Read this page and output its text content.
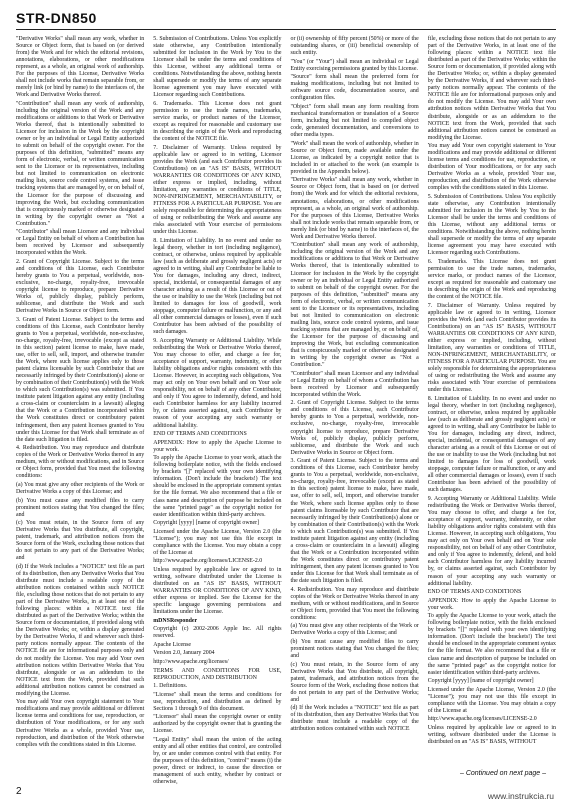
STR-DN850

"Derivative Works" shall mean any work, whether in Source or Object form, that is based on (or derived from) the Work and for which the editorial revisions, annotations, elaborations, or other modifications represent, as a whole, an original work of authorship. For the purposes of this License, Derivative Works shall not include works that remain separable from, or merely link (or bind by name) to the interfaces of, the Work and Derivative Works thereof.

"Contribution" shall mean any work of authorship, including the original version of the Work and any modifications or additions to that Work or Derivative Works thereof, that is intentionally submitted to Licensor for inclusion in the Work by the copyright owner or by an individual or Legal Entity authorized to submit on behalf of the copyright owner. For the purposes of this definition, "submitted" means any form of electronic, verbal, or written communication sent to the Licensor or its representatives, including but not limited to communication on electronic mailing lists, source code control systems, and issue tracking systems that are managed by, or on behalf of, the Licensor for the purpose of discussing and improving the Work, but excluding communication that is conspicuously marked or otherwise designated in writing by the copyright owner as "Not a Contribution."

"Contributor" shall mean Licensor and any individual or Legal Entity on behalf of whom a Contribution has been received by Licensor and subsequently incorporated within the Work.

2. Grant of Copyright License. Subject to the terms and conditions of this License, each Contributor hereby grants to You a perpetual, worldwide, non-exclusive, no-charge, royalty-free, irrevocable copyright license to reproduce, prepare Derivative Works of, publicly display, publicly perform, sublicense, and distribute the Work and such Derivative Works in Source or Object form.

3. Grant of Patent License. Subject to the terms and conditions of this License, each Contributor hereby grants to You a perpetual, worldwide, non-exclusive, no-charge, royalty-free, irrevocable (except as stated in this section) patent license to make, have made, use, offer to sell, sell, import, and otherwise transfer the Work, where such license applies only to those patent claims licensable by such Contributor that are necessarily infringed by their Contribution(s) alone or by combination of their Contribution(s) with the Work to which such Contribution(s) was submitted. If You institute patent litigation against any entity (including a cross-claim or counterclaim in a lawsuit) alleging that the Work or a Contribution incorporated within the Work constitutes direct or contributory patent infringement, then any patent licenses granted to You under this License for that Work shall terminate as of the date such litigation is filed.

4. Redistribution. You may reproduce and distribute copies of the Work or Derivative Works thereof in any medium, with or without modifications, and in Source or Object form, provided that You meet the following conditions:

(a) You must give any other recipients of the Work or Derivative Works a copy of this License; and

(b) You must cause any modified files to carry prominent notices stating that You changed the files; and

(c) You must retain, in the Source form of any Derivative Works that You distribute, all copyright, patent, trademark, and attribution notices from the Source form of the Work, excluding those notices that do not pertain to any part of the Derivative Works; and

(d) If the Work includes a "NOTICE" text file as part of its distribution, then any Derivative Works that You distribute must include a readable copy of the attribution notices contained within such NOTICE file, excluding those notices that do not pertain to any part of the Derivative Works, in at least one of the following places: within a NOTICE text file distributed as part of the Derivative Works; within the Source form or documentation, if provided along with the Derivative Works; or, within a display generated by the Derivative Works, if and wherever such third-party notices normally appear. The contents of the NOTICE file are for informational purposes only and do not modify the License. You may add Your own attribution notices within Derivative Works that You distribute, alongside or as an addendum to the NOTICE text from the Work, provided that such additional attribution notices cannot be construed as modifying the License.

You may add Your own copyright statement to Your modifications and may provide additional or different license terms and conditions for use, reproduction, or distribution of Your modifications, or for any such Derivative Works as a whole, provided Your use, reproduction, and distribution of the Work otherwise complies with the conditions stated in this License.

5. Submission of Contributions. Unless You explicitly state otherwise, any Contribution intentionally submitted for inclusion in the Work by You to the Licensor shall be under the terms and conditions of this License, without any additional terms or conditions. Notwithstanding the above, nothing herein shall supersede or modify the terms of any separate license agreement you may have executed with Licensor regarding such Contributions.

6. Trademarks. This License does not grant permission to use the trade names, trademarks, service marks, or product names of the Licensor, except as required for reasonable and customary use in describing the origin of the Work and reproducing the content of the NOTICE file.

7. Disclaimer of Warranty. Unless required by applicable law or agreed to in writing, Licensor provides the Work (and each Contributor provides its Contributions) on an "AS IS" BASIS, WITHOUT WARRANTIES OR CONDITIONS OF ANY KIND, either express or implied, including, without limitation, any warranties or conditions of TITLE, NON-INFRINGEMENT, MERCHANTABILITY, or FITNESS FOR A PARTICULAR PURPOSE. You are solely responsible for determining the appropriateness of using or redistributing the Work and assume any risks associated with Your exercise of permissions under this License.

8. Limitation of Liability. In no event and under no legal theory, whether in tort (including negligence), contract, or otherwise, unless required by applicable law (such as deliberate and grossly negligent acts) or agreed to in writing, shall any Contributor be liable to You for damages, including any direct, indirect, special, incidental, or consequential damages of any character arising as a result of this License or out of the use or inability to use the Work (including but not limited to damages for loss of goodwill, work stoppage, computer failure or malfunction, or any and all other commercial damages or losses), even if such Contributor has been advised of the possibility of such damages.

9. Accepting Warranty or Additional Liability. While redistributing the Work or Derivative Works thereof, You may choose to offer, and charge a fee for, acceptance of support, warranty, indemnity, or other liability obligations and/or rights consistent with this License. However, in accepting such obligations, You may act only on Your own behalf and on Your sole responsibility, not on behalf of any other Contributor, and only if You agree to indemnify, defend, and hold each Contributor harmless for any liability incurred by, or claims asserted against, such Contributor by reason of your accepting any such warranty or additional liability.

END OF TERMS AND CONDITIONS

APPENDIX: How to apply the Apache License to your work.

To apply the Apache License to your work, attach the following boilerplate notice, with the fields enclosed by brackets "[]" replaced with your own identifying information. (Don't include the brackets!) The text should be enclosed in the appropriate comment syntax for the file format. We also recommend that a file or class name and description of purpose be included on the same "printed page" as the copyright notice for easier identification within third-party archives.

Copyright [yyyy] [name of copyright owner]

Licensed under the Apache License, Version 2.0 (the "License"); you may not use this file except in compliance with the License. You may obtain a copy of the License at

http://www.apache.org/licenses/LICENSE-2.0

Unless required by applicable law or agreed to in writing, software distributed under the License is distributed on an "AS IS" BASIS, WITHOUT WARRANTIES OR CONDITIONS OF ANY KIND, either express or implied. See the License for the specific language governing permissions and limitations under the License.

mDNSResponder

Copyright (c) 2002-2006 Apple Inc. All rights reserved.

Apache License

Version 2.0, January 2004

http://www.apache.org/licenses/

TERMS AND CONDITIONS FOR USE, REPRODUCTION, AND DISTRIBUTION

1. Definitions.

"License" shall mean the terms and conditions for use, reproduction, and distribution as defined by Sections 1 through 9 of this document.

"Licensor" shall mean the copyright owner or entity authorized by the copyright owner that is granting the License.

"Legal Entity" shall mean the union of the acting entity and all other entities that control, are controlled by, or are under common control with that entity. For the purposes of this definition, "control" means (i) the power, direct or indirect, to cause the direction or management of such entity, whether by contract or otherwise,

or (ii) ownership of fifty percent (50%) or more of the outstanding shares, or (iii) beneficial ownership of such entity.

"You" (or "Your") shall mean an individual or Legal Entity exercising permissions granted by this License.

"Source" form shall mean the preferred form for making modifications, including but not limited to software source code, documentation source, and configuration files.

"Object" form shall mean any form resulting from mechanical transformation or translation of a Source form, including but not limited to compiled object code, generated documentation, and conversions to other media types.

"Work" shall mean the work of authorship, whether in Source or Object form, made available under the License, as indicated by a copyright notice that is included in or attached to the work (an example is provided in the Appendix below).

"Derivative Works" shall mean any work, whether in Source or Object form, that is based on (or derived from) the Work and for which the editorial revisions, annotations, elaborations, or other modifications represent, as a whole, an original work of authorship. For the purposes of this License, Derivative Works shall not include works that remain separable from, or merely link (or bind by name) to the interfaces of, the Work and Derivative Works thereof.

"Contribution" shall mean any work of authorship, including the original version of the Work and any modifications or additions to that Work or Derivative Works thereof, that is intentionally submitted to Licensor for inclusion in the Work by the copyright owner or by an individual or Legal Entity authorized to submit on behalf of the copyright owner. For the purposes of this definition, "submitted" means any form of electronic, verbal, or written communication sent to the Licensor or its representatives, including but not limited to communication on electronic mailing lists, source code control systems, and issue tracking systems that are managed by, or on behalf of, the Licensor for the purpose of discussing and improving the Work, but excluding communication that is conspicuously marked or otherwise designated in writing by the copyright owner as "Not a Contribution."

"Contributor" shall mean Licensor and any individual or Legal Entity on behalf of whom a Contribution has been received by Licensor and subsequently incorporated within the Work.

2. Grant of Copyright License. Subject to the terms and conditions of this License, each Contributor hereby grants to You a perpetual, worldwide, non-exclusive, no-charge, royalty-free, irrevocable copyright license to reproduce, prepare Derivative Works of, publicly display, publicly perform, sublicense, and distribute the Work and such Derivative Works in Source or Object form.

3. Grant of Patent License. Subject to the terms and conditions of this License, each Contributor hereby grants to You a perpetual, worldwide, non-exclusive, no-charge, royalty-free, irrevocable (except as stated in this section) patent license to make, have made, use, offer to sell, sell, import, and otherwise transfer the Work, where such license applies only to those patent claims licensable by such Contributor that are necessarily infringed by their Contribution(s) alone or by combination of their Contribution(s) with the Work to which such Contribution(s) was submitted. If You institute patent litigation against any entity (including a cross-claim or counterclaim in a lawsuit) alleging that the Work or a Contribution incorporated within the Work constitutes direct or contributory patent infringement, then any patent licenses granted to You under this License for that Work shall terminate as of the date such litigation is filed.

4. Redistribution. You may reproduce and distribute copies of the Work or Derivative Works thereof in any medium, with or without modifications, and in Source or Object form, provided that You meet the following conditions:

(a) You must give any other recipients of the Work or Derivative Works a copy of this License; and

(b) You must cause any modified files to carry prominent notices stating that You changed the files; and

(c) You must retain, in the Source form of any Derivative Works that You distribute, all copyright, patent, trademark, and attribution notices from the Source form of the Work, excluding those notices that do not pertain to any part of the Derivative Works; and

(d) If the Work includes a "NOTICE" text file as part of its distribution, then any Derivative Works that You distribute must include a readable copy of the attribution notices contained within such NOTICE

file, excluding those notices that do not pertain to any part of the Derivative Works, in at least one of the following places: within a NOTICE text file distributed as part of the Derivative Works; within the Source form or documentation, if provided along with the Derivative Works; or, within a display generated by the Derivative Works, if and wherever such third-party notices normally appear. The contents of the NOTICE file are for informational purposes only and do not modify the License. You may add Your own attribution notices within Derivative Works that You distribute, alongside or as an addendum to the NOTICE text from the Work, provided that such additional attribution notices cannot be construed as modifying the License.

You may add Your own copyright statement to Your modifications and may provide additional or different license terms and conditions for use, reproduction, or distribution of Your modifications, or for any such Derivative Works as a whole, provided Your use, reproduction, and distribution of the Work otherwise complies with the conditions stated in this License.

5. Submission of Contributions. Unless You explicitly state otherwise, any Contribution intentionally submitted for inclusion in the Work by You to the Licensor shall be under the terms and conditions of this License, without any additional terms or conditions. Notwithstanding the above, nothing herein shall supersede or modify the terms of any separate license agreement you may have executed with Licensor regarding such Contributions.

6. Trademarks. This License does not grant permission to use the trade names, trademarks, service marks, or product names of the Licensor, except as required for reasonable and customary use in describing the origin of the Work and reproducing the content of the NOTICE file.

7. Disclaimer of Warranty. Unless required by applicable law or agreed to in writing, Licensor provides the Work (and each Contributor provides its Contributions) on an "AS IS" BASIS, WITHOUT WARRANTIES OR CONDITIONS OF ANY KIND, either express or implied, including, without limitation, any warranties or conditions of TITLE, NON-INFRINGEMENT, MERCHANTABILITY, or FITNESS FOR A PARTICULAR PURPOSE. You are solely responsible for determining the appropriateness of using or redistributing the Work and assume any risks associated with Your exercise of permissions under this License.

8. Limitation of Liability. In no event and under no legal theory, whether in tort (including negligence), contract, or otherwise, unless required by applicable law (such as deliberate and grossly negligent acts) or agreed to in writing, shall any Contributor be liable to You for damages, including any direct, indirect, special, incidental, or consequential damages of any character arising as a result of this License or out of the use or inability to use the Work (including but not limited to damages for loss of goodwill, work stoppage, computer failure or malfunction, or any and all other commercial damages or losses), even if such Contributor has been advised of the possibility of such damages.

9. Accepting Warranty or Additional Liability. While redistributing the Work or Derivative Works thereof, You may choose to offer, and charge a fee for, acceptance of support, warranty, indemnity, or other liability obligations and/or rights consistent with this License. However, in accepting such obligations, You may act only on Your own behalf and on Your sole responsibility, not on behalf of any other Contributor, and only if You agree to indemnify, defend, and hold each Contributor harmless for any liability incurred by, or claims asserted against, such Contributor by reason of your accepting any such warranty or additional liability.

END OF TERMS AND CONDITIONS

APPENDIX: How to apply the Apache License to your work.

To apply the Apache License to your work, attach the following boilerplate notice, with the fields enclosed by brackets "[]" replaced with your own identifying information. (Don't include the brackets!) The text should be enclosed in the appropriate comment syntax for the file format. We also recommend that a file or class name and description of purpose be included on the same "printed page" as the copyright notice for easier identification within third-party archives.

Copyright [yyyy] [name of copyright owner]

Licensed under the Apache License, Version 2.0 (the "License"); you may not use this file except in compliance with the License. You may obtain a copy of the License at

http://www.apache.org/licenses/LICENSE-2.0

Unless required by applicable law or agreed to in writing, software distributed under the License is distributed on an "AS IS" BASIS, WITHOUT

– Continued on next page –
2	www.instrukcia.ru
